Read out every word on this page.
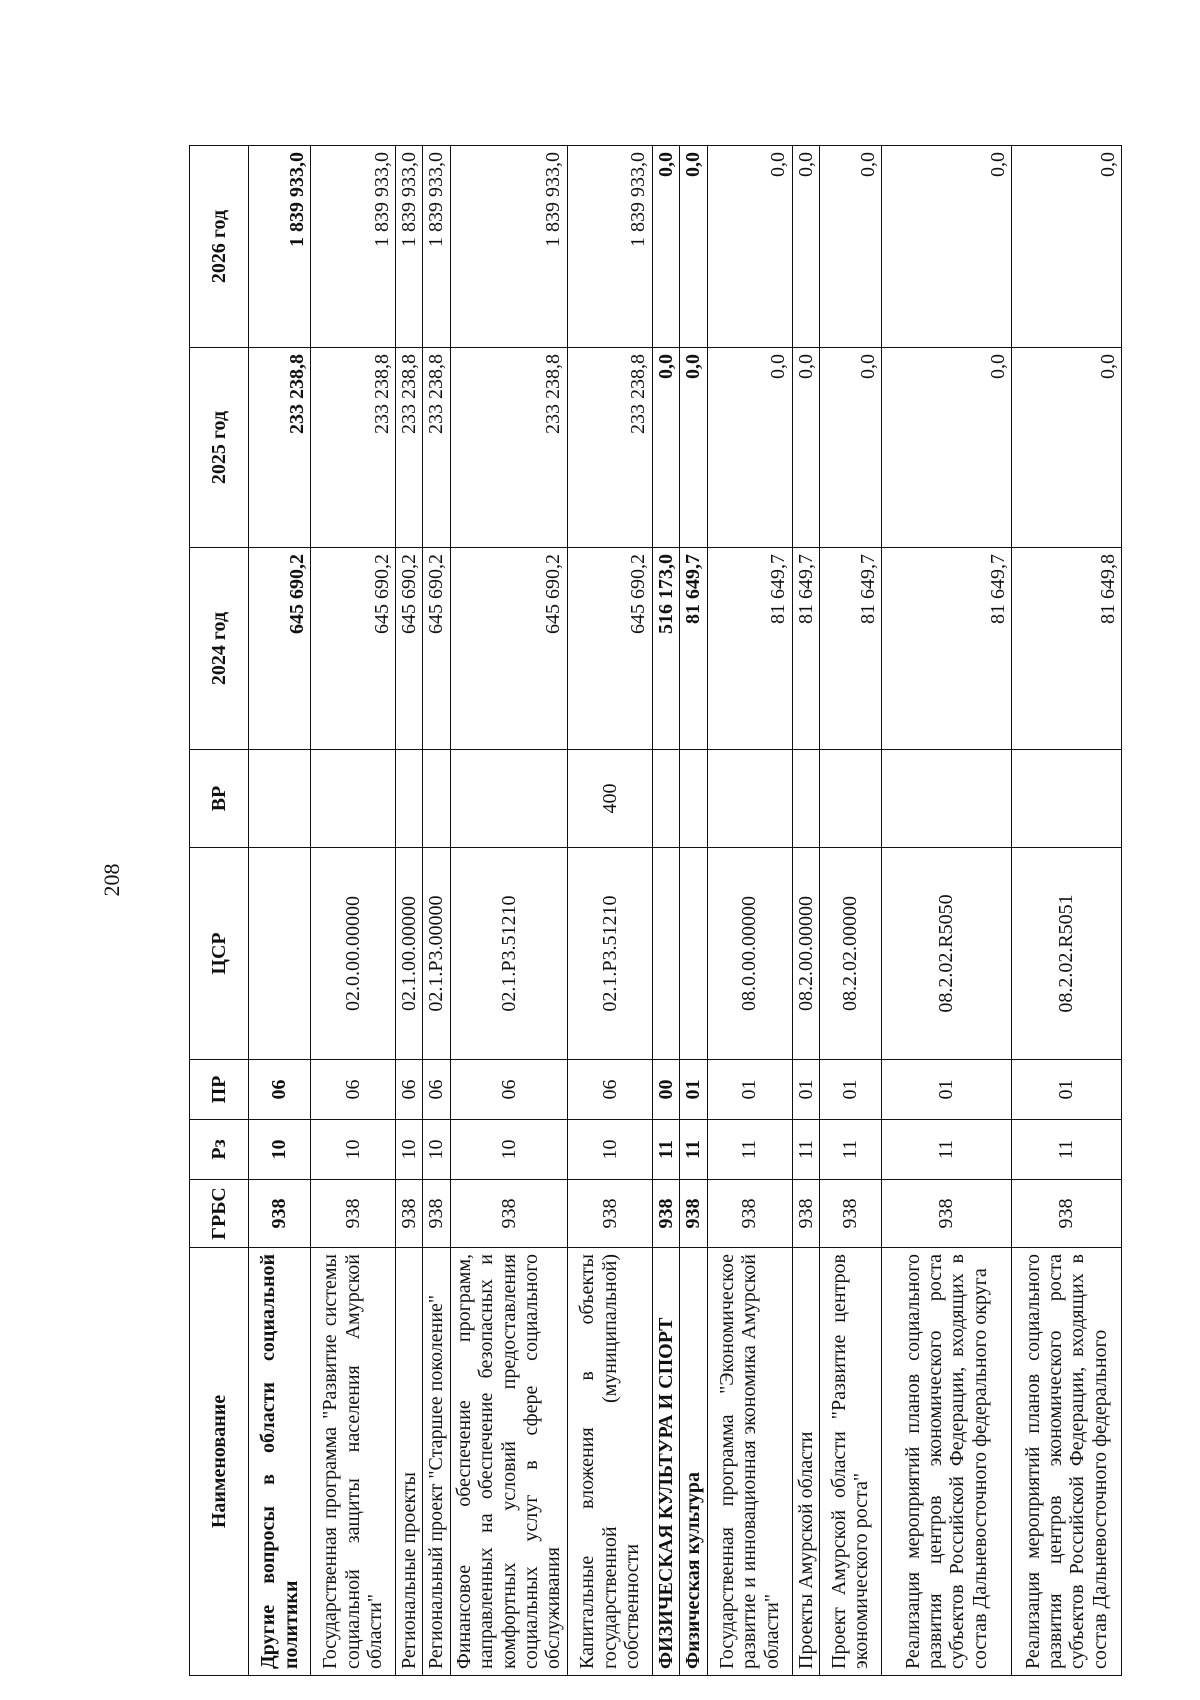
208
Наименование	ГРБС	Рз	ПР	ЦСР	ВР	2024 год	2025 год	2026 год
Другие вопросы в области социальной политики	938	10	06			645 690,2	233 238,8	1 839 933,0
Государственная программа "Развитие системы социальной защиты населения Амурской области"	938	10	06	02.0.00.00000		645 690,2	233 238,8	1 839 933,0
Региональные проекты	938	10	06	02.1.00.00000		645 690,2	233 238,8	1 839 933,0
Региональный проект "Старшее поколение"	938	10	06	02.1.P3.00000		645 690,2	233 238,8	1 839 933,0
Финансовое обеспечение программ, направленных на обеспечение безопасных и комфортных условий предоставления социальных услуг в сфере социального обслуживания	938	10	06	02.1.P3.51210		645 690,2	233 238,8	1 839 933,0
Капитальные вложения в объекты государственной (муниципальной) собственности	938	10	06	02.1.P3.51210	400	645 690,2	233 238,8	1 839 933,0
ФИЗИЧЕСКАЯ КУЛЬТУРА И СПОРТ	938	11	00			516 173,0	0,0	0,0
Физическая культура	938	11	01			81 649,7	0,0	0,0
Государственная программа "Экономическое развитие и инновационная экономика Амурской области"	938	11	01	08.0.00.00000		81 649,7	0,0	0,0
Проекты Амурской области	938	11	01	08.2.00.00000		81 649,7	0,0	0,0
Проект Амурской области "Развитие центров экономического роста"	938	11	01	08.2.02.00000		81 649,7	0,0	0,0
Реализация мероприятий планов социального развития центров экономического роста субъектов Российской Федерации, входящих в состав Дальневосточного федерального округа	938	11	01	08.2.02.R5050		81 649,7	0,0	0,0
Реализация мероприятий планов социального развития центров экономического роста субъектов Российской Федерации, входящих в состав Дальневосточного федерального	938	11	01	08.2.02.R5051		81 649,8	0,0	0,0
